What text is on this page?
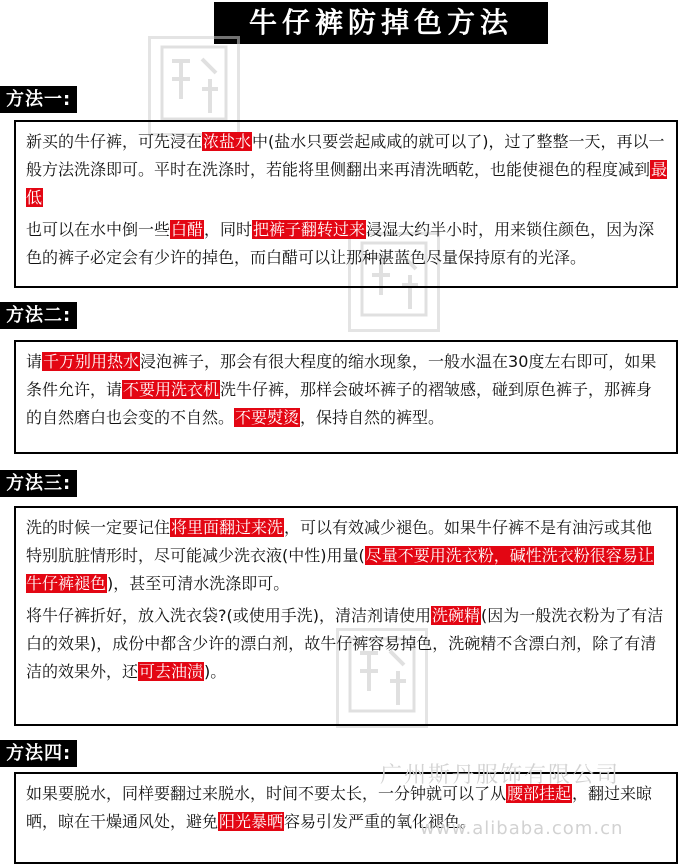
牛仔裤防掉色方法
方法一:

新买的牛仔裤，可先浸在浓盐水中(盐水只要尝起咸咸的就可以了)，过了整整一天，再以一般方法洗涤即可。平时在洗涤时，若能将里侧翻出来再清洗晒乾，也能使褪色的程度减到最低

也可以在水中倒一些白醋，同时把裤子翻转过来浸湿大约半小时，用来锁住颜色，因为深色的裤子必定会有少许的掉色，而白醋可以让那种湛蓝色尽量保持原有的光泽。

方法二:

请千万别用热水浸泡裤子，那会有很大程度的缩水现象，一般水温在30度左右即可，如果条件允许，请不要用洗衣机洗牛仔裤，那样会破坏裤子的褶皱感，碰到原色裤子，那裤身的自然磨白也会变的不自然。不要熨烫，保持自然的裤型。

方法三:

洗的时候一定要记住将里面翻过来洗，可以有效减少褪色。如果牛仔裤不是有油污或其他特别肮脏情形时，尽可能减少洗衣液(中性)用量(尽量不要用洗衣粉，碱性洗衣粉很容易让牛仔裤褪色)，甚至可清水洗涤即可。

将牛仔裤折好，放入洗衣袋?(或使用手洗)，清洁剂请使用洗碗精(因为一般洗衣粉为了有洁白的效果)，成份中都含少许的漂白剂，故牛仔裤容易掉色，洗碗精不含漂白剂，除了有清洁的效果外，还可去油渍)。

方法四:

如果要脱水，同样要翻过来脱水，时间不要太长，一分钟就可以了从腰部挂起，翻过来晾晒，晾在干燥通风处，避免阳光暴晒容易引发严重的氧化褪色。

广州斯丹服饰有限公司
www.alibaba.com.cn
